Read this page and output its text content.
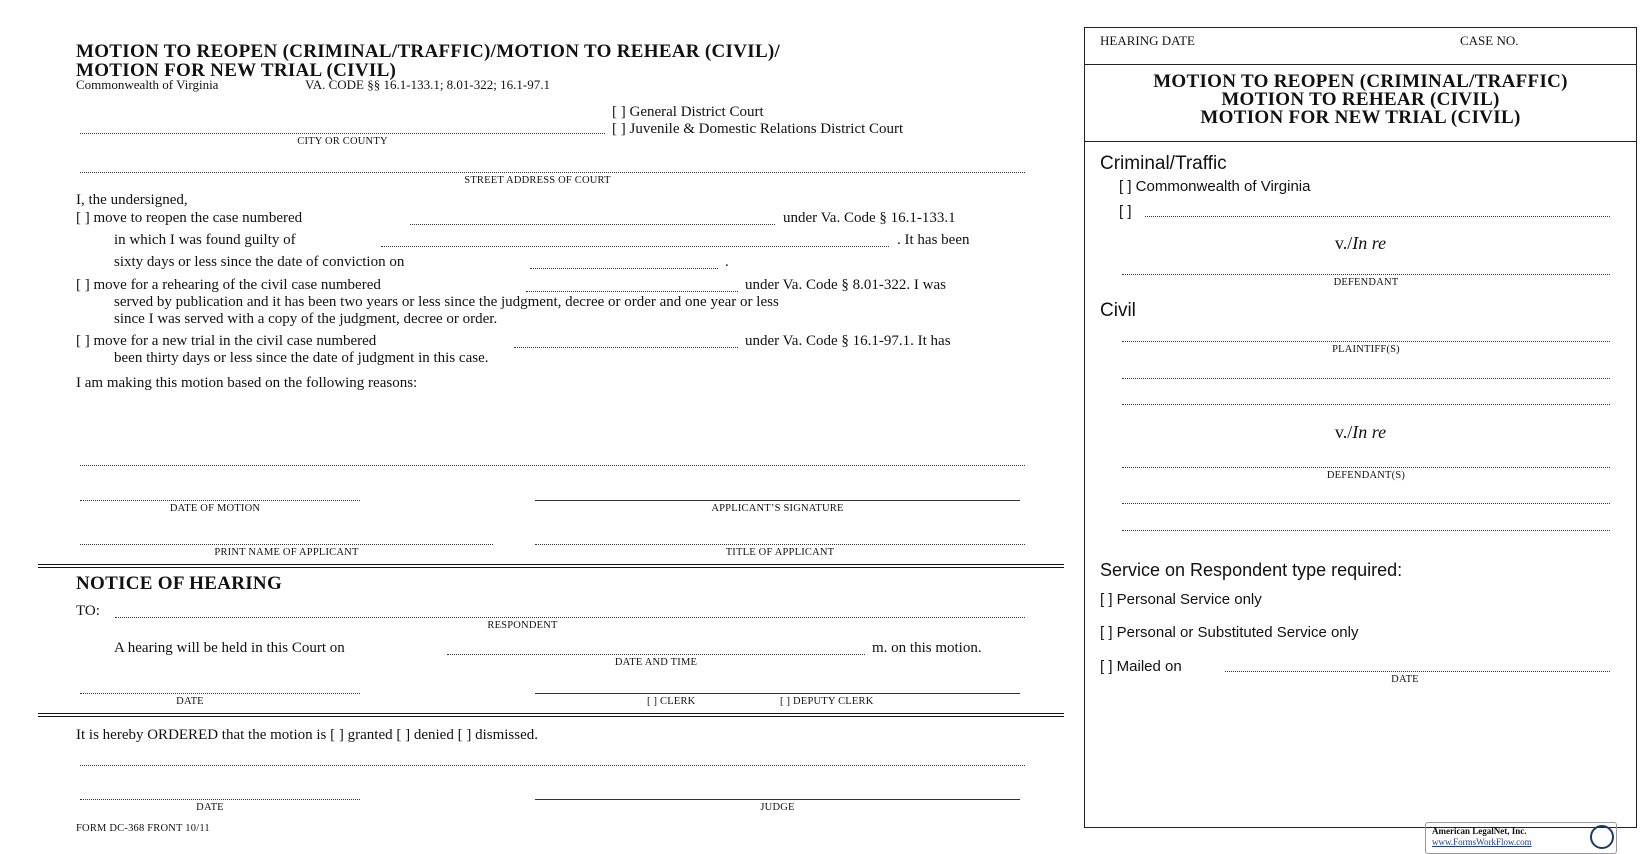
MOTION TO REOPEN (CRIMINAL/TRAFFIC)/MOTION TO REHEAR (CIVIL)/
MOTION FOR NEW TRIAL (CIVIL)
Commonwealth of Virginia	VA. CODE §§ 16.1-133.1; 8.01-322; 16.1-97.1
[ ] General District Court
[ ] Juvenile & Domestic Relations District Court
CITY OR COUNTY
STREET ADDRESS OF COURT
I, the undersigned,
[ ] move to reopen the case numbered	under Va. Code § 16.1-133.1
in which I was found guilty of	. It has been
sixty days or less since the date of conviction on	.
[ ] move for a rehearing of the civil case numbered	under Va. Code § 8.01-322. I was
served by publication and it has been two years or less since the judgment, decree or order and one year or less
since I was served with a copy of the judgment, decree or order.
[ ] move for a new trial in the civil case numbered	under Va. Code § 16.1-97.1. It has
been thirty days or less since the date of judgment in this case.
I am making this motion based on the following reasons:
DATE OF MOTION	APPLICANT’S SIGNATURE
PRINT NAME OF APPLICANT	TITLE OF APPLICANT
NOTICE OF HEARING
TO:
RESPONDENT
A hearing will be held in this Court on	m. on this motion.
DATE AND TIME
DATE	[ ] CLERK	[ ] DEPUTY CLERK
It is hereby ORDERED that the motion is [ ] granted [ ] denied [ ] dismissed.
DATE	JUDGE
FORM DC-368 FRONT 10/11
HEARING DATE	CASE NO.
MOTION TO REOPEN (CRIMINAL/TRAFFIC)
MOTION TO REHEAR (CIVIL)
MOTION FOR NEW TRIAL (CIVIL)
Criminal/Traffic
[ ] Commonwealth of Virginia
[ ]
v./In re
DEFENDANT
Civil
PLAINTIFF(S)
v./In re
DEFENDANT(S)
Service on Respondent type required:
[ ] Personal Service only
[ ] Personal or Substituted Service only
[ ] Mailed on
DATE
American LegalNet, Inc.
www.FormsWorkFlow.com
